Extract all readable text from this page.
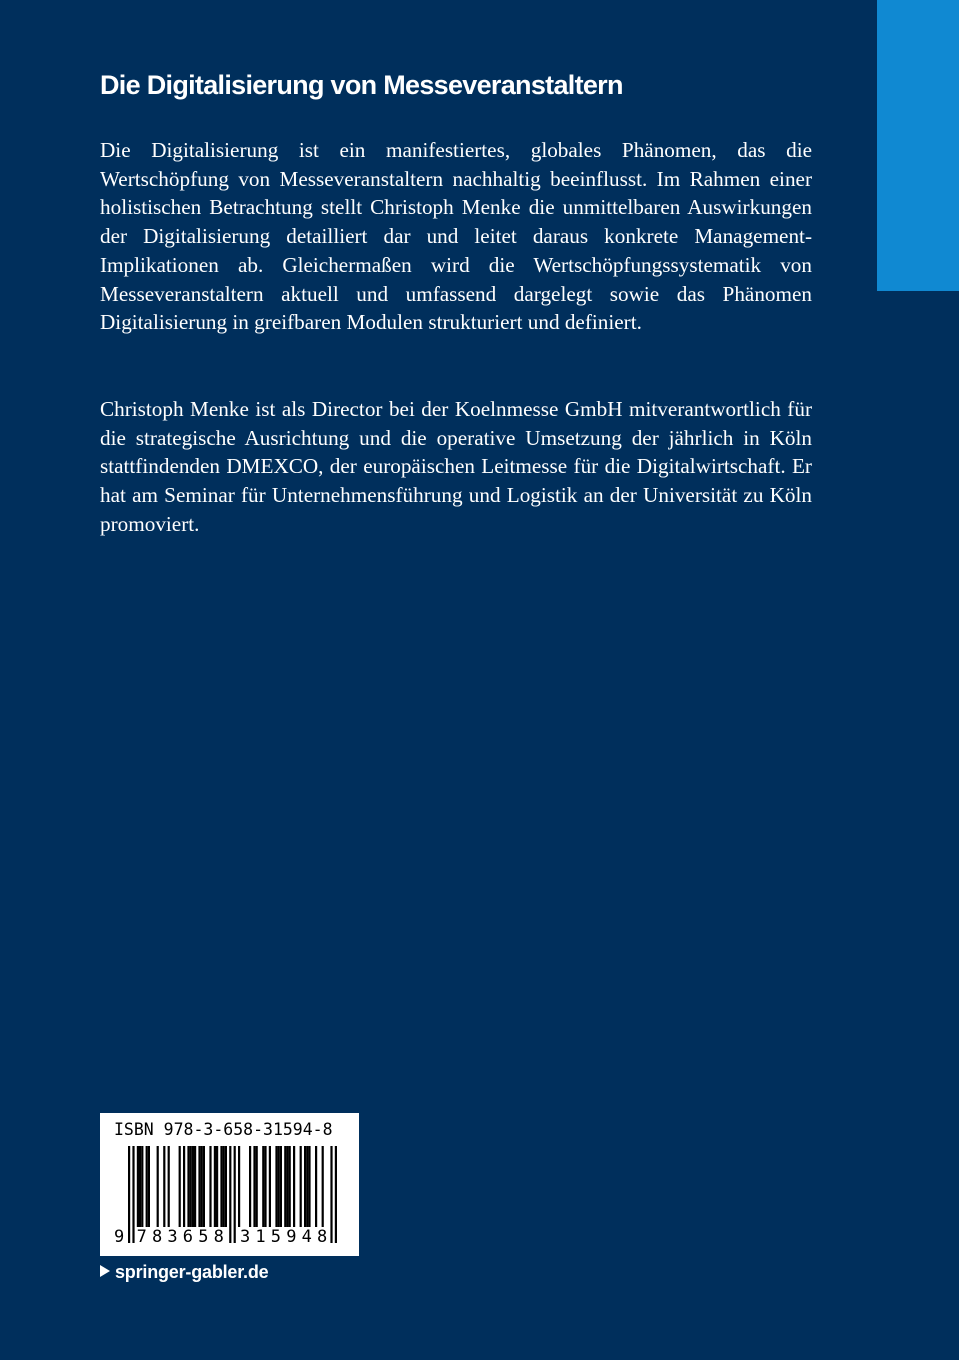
Die Digitalisierung von Messeveranstaltern

Die Digitalisierung ist ein manifestiertes, globales Phänomen, das die Wertschöpfung von Messeveranstaltern nachhaltig beeinflusst. Im Rahmen einer holistischen Betrachtung stellt Christoph Menke die unmittelbaren Auswirkungen der Digitalisierung detailliert dar und leitet daraus konkrete Management-Implikationen ab. Gleichermaßen wird die Wertschöpfungssystematik von Messeveranstaltern aktuell und umfassend dargelegt sowie das Phänomen Digitalisierung in greifbaren Modulen strukturiert und definiert.

Christoph Menke ist als Director bei der Koelnmesse GmbH mitverantwortlich für die strategische Ausrichtung und die operative Umsetzung der jährlich in Köln stattfindenden DMEXCO, der europäischen Leitmesse für die Digitalwirtschaft. Er hat am Seminar für Unternehmensführung und Logistik an der Universität zu Köln promoviert.

ISBN 978-3-658-31594-8
9 7 8 3 6 5 8 3 1 5 9 4 8
springer-gabler.de
